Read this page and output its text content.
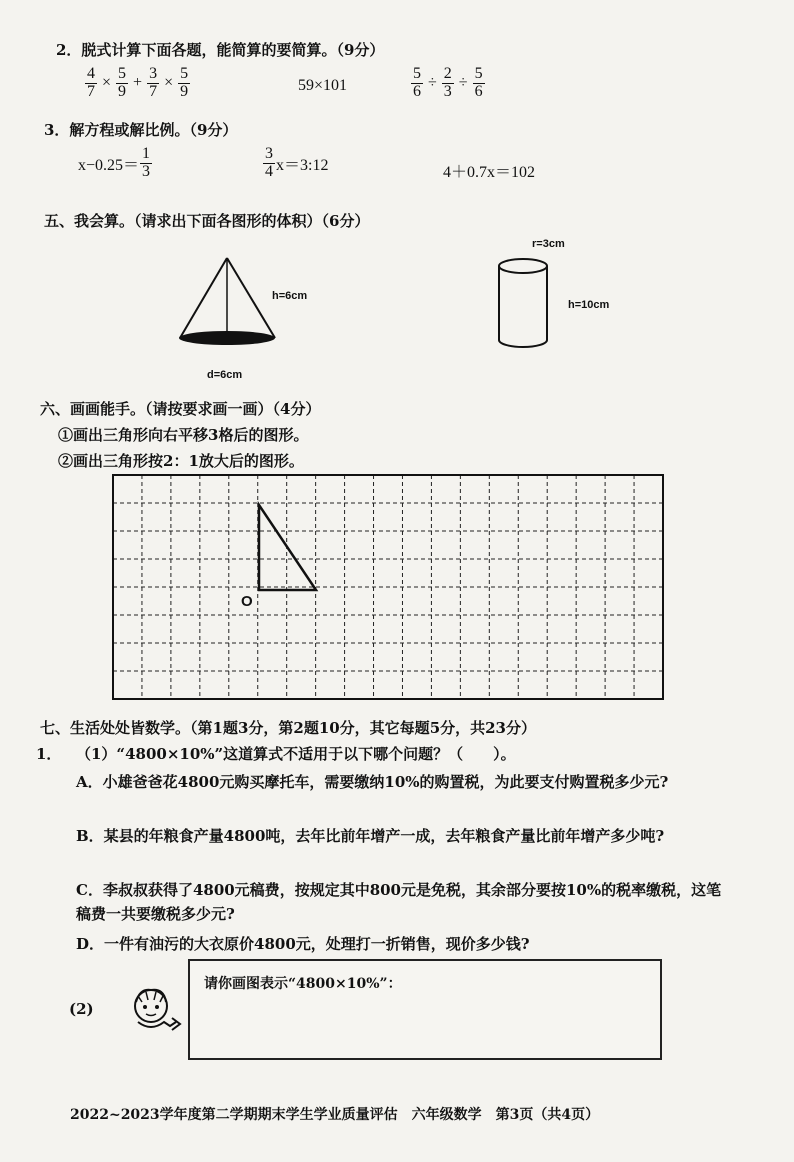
2．脱式计算下面各题，能简算的要简算。（9分）
$\frac{4}{7} \times \frac{5}{9} + \frac{3}{7} \times \frac{5}{9}$	59×101	$\frac{5}{6} \div \frac{2}{3} \div \frac{5}{6}$
3．解方程或解比例。（9分）
$x-0.25= \frac{1}{3}$	$\frac{3}{4}$ x＝3:12	4＋0.7x＝102
五、我会算。（请求出下面各图形的体积）（6分）
h=6cm
d=6cm
r=3cm
h=10cm
六、画画能手。（请按要求画一画）（4分）
①画出三角形向右平移3格后的图形。
②画出三角形按2：1放大后的图形。
O
七、生活处处皆数学。（第1题3分，第2题10分，其它每题5分，共23分）
1． （1）“4800×10%”这道算式不适用于以下哪个问题？（　　）。
A．小雄爸爸花4800元购买摩托车，需要缴纳10%的购置税，为此要支付购置税多少元?
B．某县的年粮食产量4800吨，去年比前年增产一成，去年粮食产量比前年增产多少吨?
C．李叔叔获得了4800元稿费，按规定其中800元是免税，其余部分要按10%的税率缴税，这笔稿费一共要缴税多少元?
D．一件有油污的大衣原价4800元，处理打一折销售，现价多少钱?
(2)
请你画图表示“4800×10%”：
2022~2023学年度第二学期期末学生学业质量评估　六年级数学　第3页（共4页）
